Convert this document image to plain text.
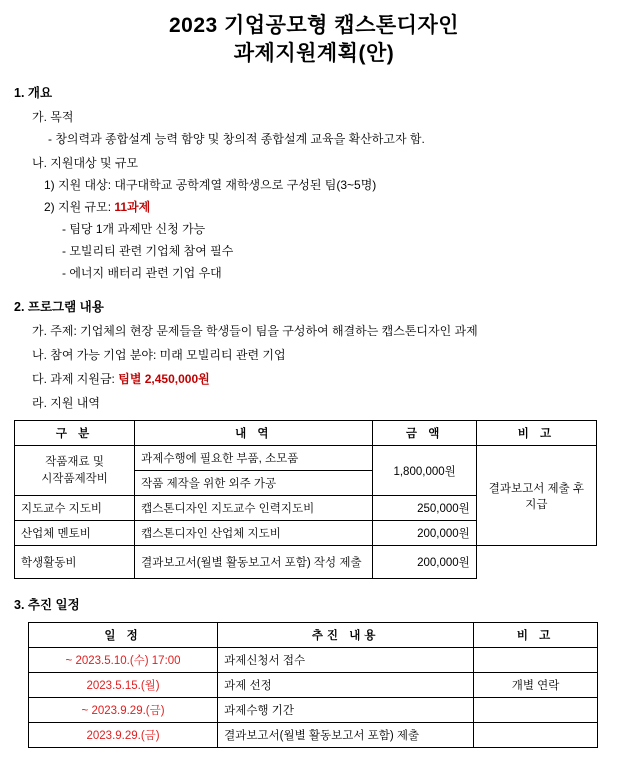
2023 기업공모형 캡스톤디자인
과제지원계획(안)
1. 개요
가. 목적
- 창의력과 종합설계 능력 함양 및 창의적 종합설계 교육을 확산하고자 함.
나. 지원대상 및 규모
1) 지원 대상: 대구대학교 공학계열 재학생으로 구성된 팀(3~5명)
2) 지원 규모: 11과제
- 팀당 1개 과제만 신청 가능
- 모빌리티 관련 기업체 참여 필수
- 에너지 배터리 관련 기업 우대
2. 프로그램 내용
가. 주제: 기업체의 현장 문제들을 학생들이 팀을 구성하여 해결하는 캡스톤디자인 과제
나. 참여 가능 기업 분야: 미래 모빌리티 관련 기업
다. 과제 지원금: 팀별 2,450,000원
라. 지원 내역
구 분	내 역	금 액	비 고

작품재료 및
시작품제작비	과제수행에 필요한 부품, 소모품	1,800,000원	결과보고서 제출 후 지급
	작품 제작을 위한 외주 가공		
지도교수 지도비	캡스톤디자인 지도교수 인력지도비	250,000원	
산업체 멘토비	캡스톤디자인 산업체 지도비	200,000원	
학생활동비	결과보고서(월별 활동보고서 포함) 작성 제출	200,000원
3. 추진 일정
일 정	추진 내용	비 고
~ 2023.5.10.(수) 17:00	과제신청서 접수	
2023.5.15.(월)	과제 선정	개별 연락
~ 2023.9.29.(금)	과제수행 기간	
2023.9.29.(금)	결과보고서(월별 활동보고서 포함) 제출	
